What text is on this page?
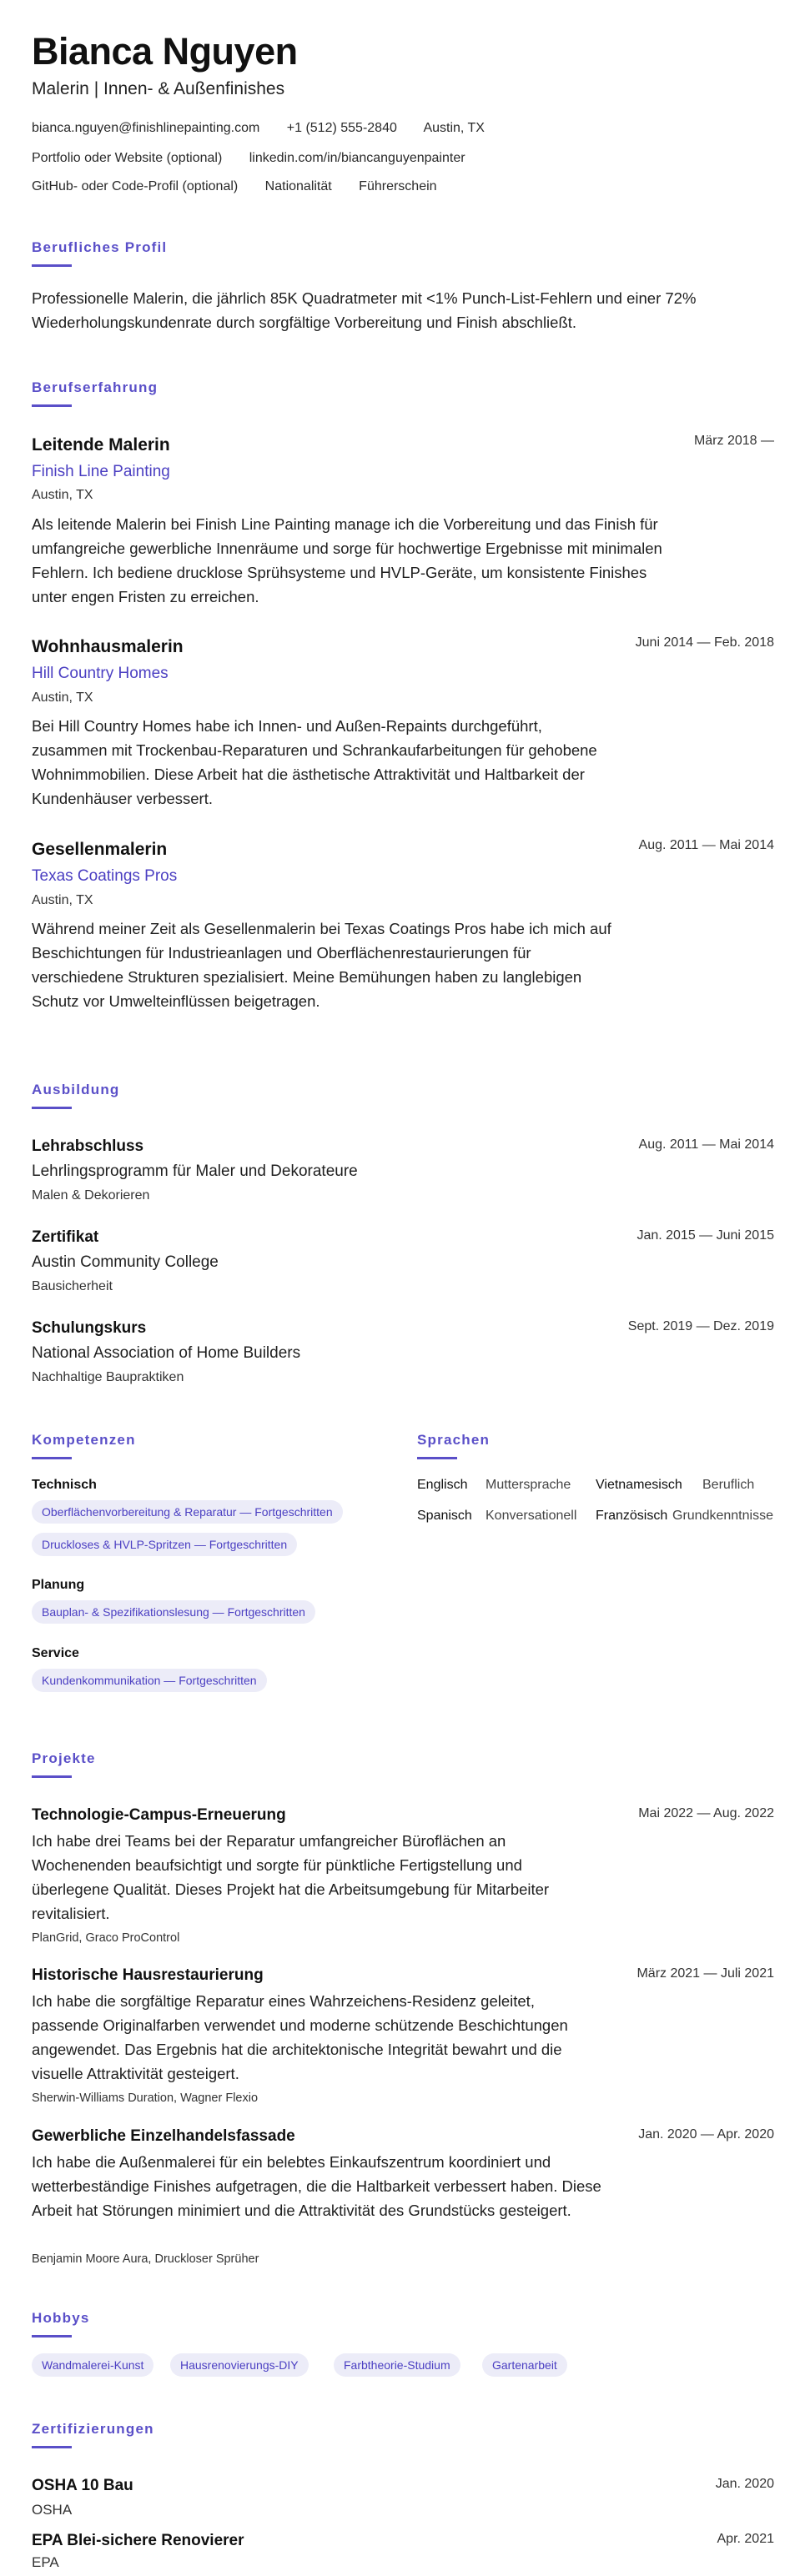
Bianca Nguyen
Malerin | Innen- & Außenfinishes
bianca.nguyen@finishlinepainting.com +1 (512) 555-2840 Austin, TX
Portfolio oder Website (optional) linkedin.com/in/biancanguyenpainter
GitHub- oder Code-Profil (optional) Nationalität Führerschein
Berufliches Profil
Professionelle Malerin, die jährlich 85K Quadratmeter mit <1% Punch-List-Fehlern und einer 72% Wiederholungskundenrate durch sorgfältige Vorbereitung und Finish abschließt.
Berufserfahrung
Leitende Malerin	März 2018 —
Finish Line Painting
Austin, TX
Als leitende Malerin bei Finish Line Painting manage ich die Vorbereitung und das Finish für umfangreiche gewerbliche Innenräume und sorge für hochwertige Ergebnisse mit minimalen Fehlern. Ich bediene drucklose Sprühsysteme und HVLP-Geräte, um konsistente Finishes unter engen Fristen zu erreichen.
Wohnhausmalerin	Juni 2014 — Feb. 2018
Hill Country Homes
Austin, TX
Bei Hill Country Homes habe ich Innen- und Außen-Repaints durchgeführt, zusammen mit Trockenbau-Reparaturen und Schrankaufarbeitungen für gehobene Wohnimmobilien. Diese Arbeit hat die ästhetische Attraktivität und Haltbarkeit der Kundenhäuser verbessert.
Gesellenmalerin	Aug. 2011 — Mai 2014
Texas Coatings Pros
Austin, TX
Während meiner Zeit als Gesellenmalerin bei Texas Coatings Pros habe ich mich auf Beschichtungen für Industrieanlagen und Oberflächenrestaurierungen für verschiedene Strukturen spezialisiert. Meine Bemühungen haben zu langlebigen Schutz vor Umwelteinflüssen beigetragen.
Ausbildung
Lehrabschluss	Aug. 2011 — Mai 2014
Lehrlingsprogramm für Maler und Dekorateure
Malen & Dekorieren
Zertifikat	Jan. 2015 — Juni 2015
Austin Community College
Bausicherheit
Schulungskurs	Sept. 2019 — Dez. 2019
National Association of Home Builders
Nachhaltige Baupraktiken
Kompetenzen
Technisch
Oberflächenvorbereitung & Reparatur — Fortgeschritten
Druckloses & HVLP-Spritzen — Fortgeschritten
Planung
Bauplan- & Spezifikationslesung — Fortgeschritten
Service
Kundenkommunikation — Fortgeschritten
Sprachen
Englisch Muttersprache Vietnamesisch Beruflich
Spanisch Konversationell Französisch Grundkenntnisse
Projekte
Technologie-Campus-Erneuerung	Mai 2022 — Aug. 2022
Ich habe drei Teams bei der Reparatur umfangreicher Büroflächen an Wochenenden beaufsichtigt und sorgte für pünktliche Fertigstellung und überlegene Qualität. Dieses Projekt hat die Arbeitsumgebung für Mitarbeiter revitalisiert.
PlanGrid, Graco ProControl
Historische Hausrestaurierung	März 2021 — Juli 2021
Ich habe die sorgfältige Reparatur eines Wahrzeichens-Residenz geleitet, passende Originalfarben verwendet und moderne schützende Beschichtungen angewendet. Das Ergebnis hat die architektonische Integrität bewahrt und die visuelle Attraktivität gesteigert.
Sherwin-Williams Duration, Wagner Flexio
Gewerbliche Einzelhandelsfassade	Jan. 2020 — Apr. 2020
Ich habe die Außenmalerei für ein belebtes Einkaufszentrum koordiniert und wetterbeständige Finishes aufgetragen, die die Haltbarkeit verbessert haben. Diese Arbeit hat Störungen minimiert und die Attraktivität des Grundstücks gesteigert.
Benjamin Moore Aura, Druckloser Sprüher
Hobbys
Wandmalerei-Kunst	Hausrenovierungs-DIY	Farbtheorie-Studium	Gartenarbeit
Zertifizierungen
OSHA 10 Bau	Jan. 2020
OSHA
EPA Blei-sichere Renovierer	Apr. 2021
EPA
